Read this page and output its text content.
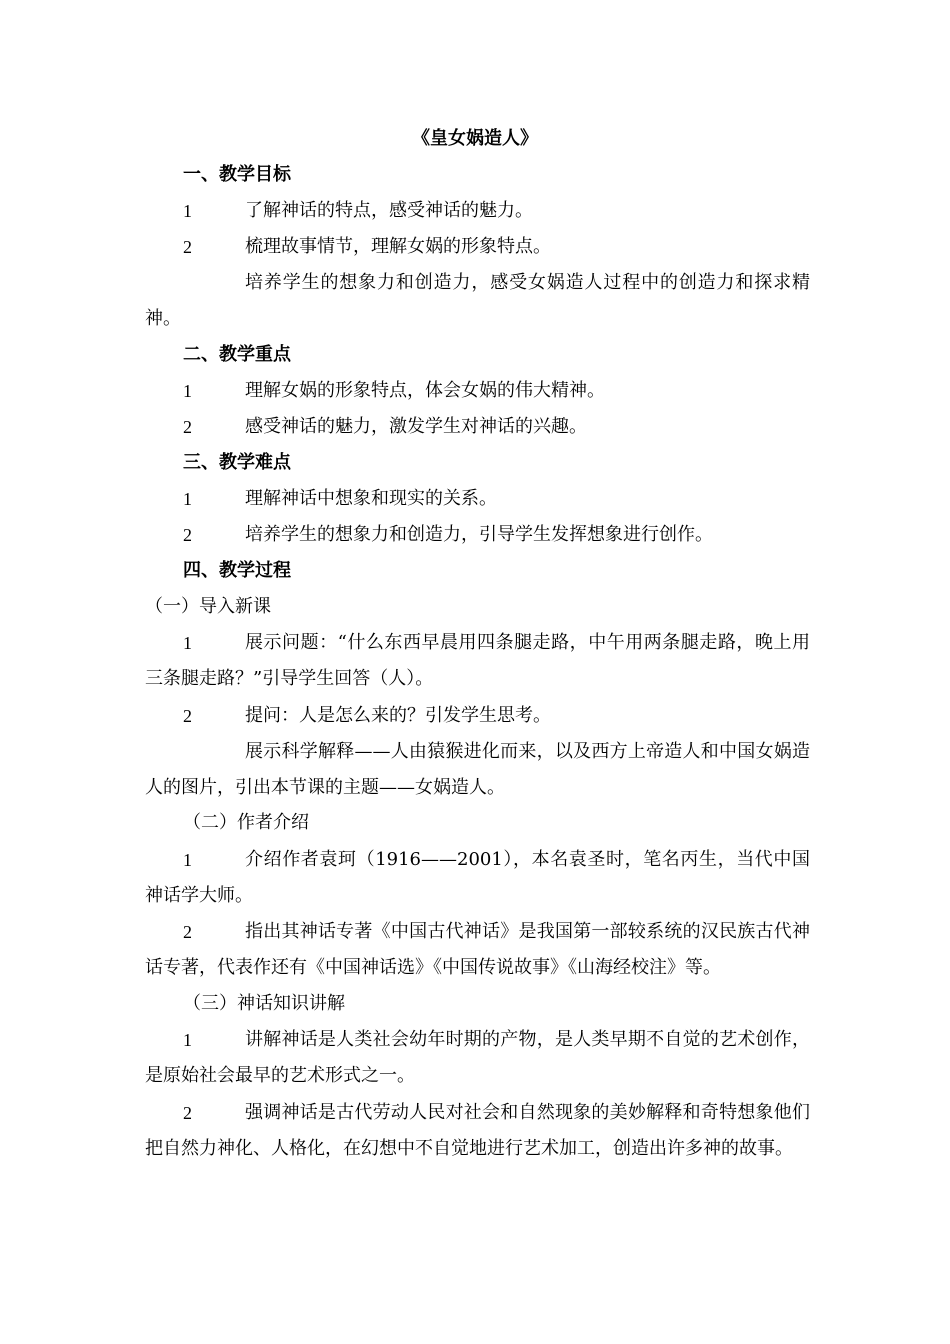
《皇女娲造人》
一、教学目标
1	了解神话的特点，感受神话的魅力。
2	梳理故事情节，理解女娲的形象特点。
培养学生的想象力和创造力，感受女娲造人过程中的创造力和探求精神。
二、教学重点
1	理解女娲的形象特点，体会女娲的伟大精神。
2	感受神话的魅力，激发学生对神话的兴趣。
三、教学难点
1	理解神话中想象和现实的关系。
2	培养学生的想象力和创造力，引导学生发挥想象进行创作。
四、教学过程
（一）导入新课
1	展示问题：“什么东西早晨用四条腿走路，中午用两条腿走路，晚上用三条腿走路？”引导学生回答（人）。
2	提问：人是怎么来的？引发学生思考。
展示科学解释——人由猿猴进化而来，以及西方上帝造人和中国女娲造人的图片，引出本节课的主题——女娲造人。
（二）作者介绍
1	介绍作者袁珂（1916——2001），本名袁圣时，笔名丙生，当代中国神话学大师。
2	指出其神话专著《中国古代神话》是我国第一部较系统的汉民族古代神话专著，代表作还有《中国神话选》《中国传说故事》《山海经校注》等。
（三）神话知识讲解
1	讲解神话是人类社会幼年时期的产物，是人类早期不自觉的艺术创作，是原始社会最早的艺术形式之一。
2	强调神话是古代劳动人民对社会和自然现象的美妙解释和奇特想象他们把自然力神化、人格化，在幻想中不自觉地进行艺术加工，创造出许多神的故事。
